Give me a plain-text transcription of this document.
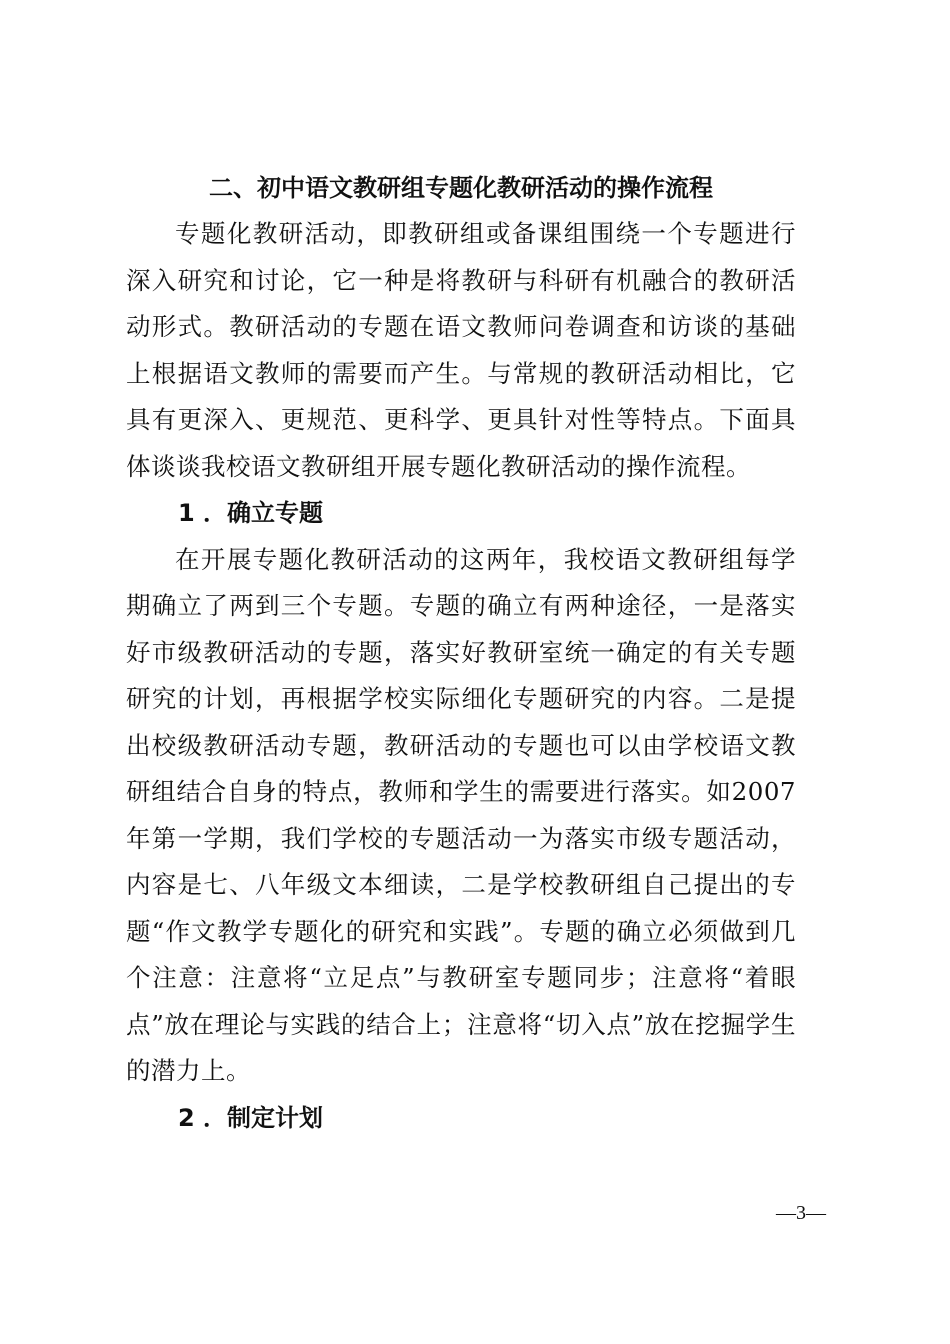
二、初中语文教研组专题化教研活动的操作流程

专题化教研活动，即教研组或备课组围绕一个专题进行深入研究和讨论，它一种是将教研与科研有机融合的教研活动形式。教研活动的专题在语文教师问卷调查和访谈的基础上根据语文教师的需要而产生。与常规的教研活动相比，它具有更深入、更规范、更科学、更具针对性等特点。下面具体谈谈我校语文教研组开展专题化教研活动的操作流程。

1 ．确立专题

在开展专题化教研活动的这两年，我校语文教研组每学期确立了两到三个专题。专题的确立有两种途径，一是落实好市级教研活动的专题，落实好教研室统一确定的有关专题研究的计划，再根据学校实际细化专题研究的内容。二是提出校级教研活动专题，教研活动的专题也可以由学校语文教研组结合自身的特点，教师和学生的需要进行落实。如2007年第一学期，我们学校的专题活动一为落实市级专题活动，内容是七、八年级文本细读，二是学校教研组自己提出的专题“作文教学专题化的研究和实践”。专题的确立必须做到几个注意：注意将“立足点”与教研室专题同步；注意将“着眼点”放在理论与实践的结合上；注意将“切入点”放在挖掘学生的潜力上。

2 ．制定计划
—3—
